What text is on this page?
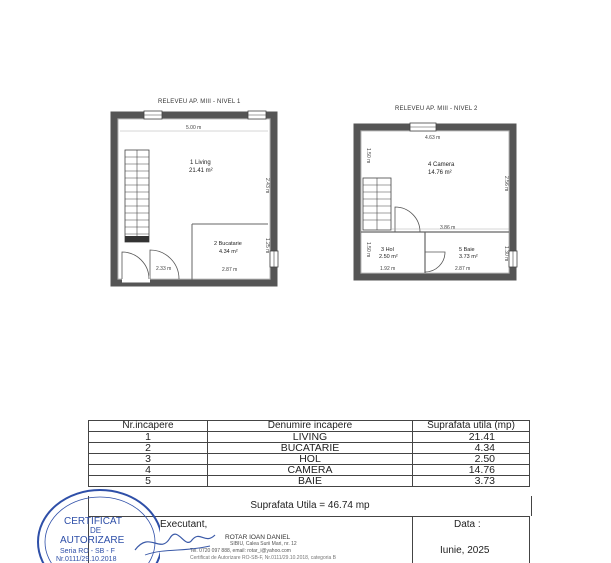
5.00 m
2.43 m
1.25 m
2.33 m	2.87 m
1 Living
21.41 m²
2 Bucatarie
4.34 m²
4.63 m
1.50 m
2.56 m
3.86 m
1.30 m
1.50 m
1.92 m	2.87 m
4 Camera
14.76 m²
3 Hol
2.50 m²
5 Baie
3.73 m²
RELEVEU AP. MIII - NIVEL 1
RELEVEU AP. MIII - NIVEL 2
Nr.incapere	Denumire incapere	Suprafata utila (mp)
1	LIVING	21.41
2	BUCATARIE	4.34
3	HOL	2.50
4	CAMERA	14.76
5	BAIE	3.73
Suprafata Utila = 46.74 mp
Executant,	Data :
ROTAR IOAN DANIEL
SIBIU, Calea Surii Mari, nr. 12
Tel. 0720 097 888, email: rotar_i@yahoo.com
Certificat de Autorizare RO-SB-F, Nr.0111/29.10.2018, categoria B
Iunie, 2025
CERTIFICAT
DE
AUTORIZARE
Seria RO - SB - F
Nr.0111/29.10.2018
